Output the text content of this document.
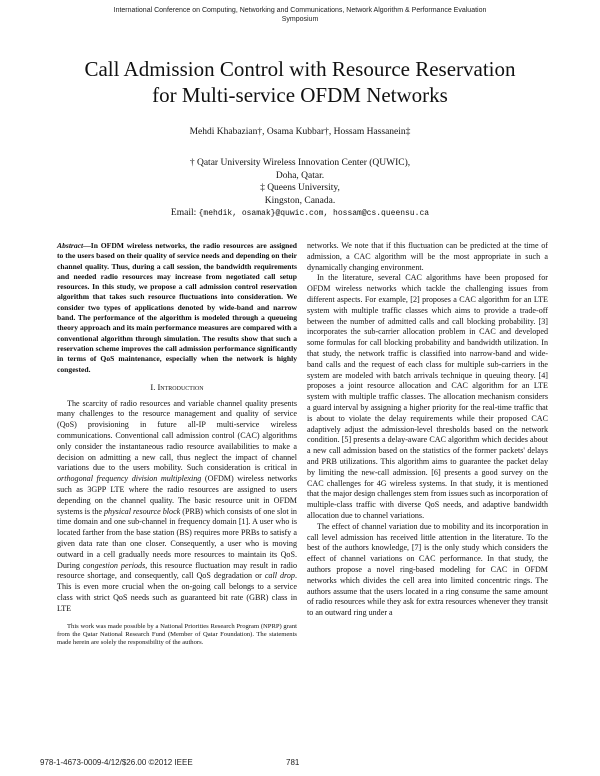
International Conference on Computing, Networking and Communications, Network Algorithm & Performance Evaluation
Symposium
Call Admission Control with Resource Reservation
for Multi-service OFDM Networks
Mehdi Khabazian†, Osama Kubbar†, Hossam Hassanein‡
† Qatar University Wireless Innovation Center (QUWIC),
Doha, Qatar.
‡ Queens University,
Kingston, Canada.
Email: {mehdik, osamak}@quwic.com, hossam@cs.queensu.ca

Abstract—In OFDM wireless networks, the radio resources are assigned to the users based on their quality of service needs and depending on their channel quality. Thus, during a call session, the bandwidth requirements and needed radio resources may increase from negotiated call setup resources. In this study, we propose a call admission control reservation algorithm that takes such resource fluctuations into consideration. We consider two types of applications denoted by wide-band and narrow band. The performance of the algorithm is modeled through a queueing theory approach and its main performance measures are compared with a conventional algorithm through simulation. The results show that such a reservation scheme improves the call admission performance significantly in terms of QoS maintenance, especially when the network is highly congested.

I. Introduction

The scarcity of radio resources and variable channel quality presents many challenges to the resource management and quality of service (QoS) provisioning in future all-IP multi-service wireless communications. Conventional call admission control (CAC) algorithms only consider the instantaneous radio resource availabilities to make a decision on admitting a new call, thus neglect the impact of channel variations due to the users mobility. Such consideration is critical in orthogonal frequency division multiplexing (OFDM) wireless networks such as 3GPP LTE where the radio resources are assigned to users depending on the channel quality. The basic resource unit in OFDM systems is the physical resource block (PRB) which consists of one slot in time domain and one sub-channel in frequency domain [1]. A user who is located farther from the base station (BS) requires more PRBs to satisfy a given data rate than one closer. Consequently, a user who is moving outward in a cell gradually needs more resources to maintain its QoS. During congestion periods, this resource fluctuation may result in radio resource shortage, and consequently, call QoS degradation or call drop. This is even more crucial when the on-going call belongs to a service class with strict QoS needs such as guaranteed bit rate (GBR) class in LTE

This work was made possible by a National Priorities Research Program (NPRP) grant from the Qatar National Research Fund (Member of Qatar Foundation). The statements made herein are solely the responsibility of the authors.

networks. We note that if this fluctuation can be predicted at the time of admission, a CAC algorithm will be the most appropriate in such a dynamically changing environment.

In the literature, several CAC algorithms have been proposed for OFDM wireless networks which tackle the challenging issues from different aspects. For example, [2] proposes a CAC algorithm for an LTE system with multiple traffic classes which aims to provide a trade-off between the number of admitted calls and call blocking probability. [3] incorporates the sub-carrier allocation problem in CAC and developed some formulas for call blocking probability and bandwidth utilization. In that study, the network traffic is classified into narrow-band and wide-band calls and the request of each class for multiple sub-carriers in the system are modeled with batch arrivals technique in queuing theory. [4] proposes a joint resource allocation and CAC algorithm for an LTE system with multiple traffic classes. The allocation mechanism considers a guard interval by assigning a higher priority for the real-time traffic that is about to violate the delay requirements while their proposed CAC adaptively adjust the admission-level thresholds based on the network condition. [5] presents a delay-aware CAC algorithm which decides about a new call admission based on the statistics of the former packets' delays and PRB utilizations. This algorithm aims to guarantee the packet delay by limiting the new-call admission. [6] presents a good survey on the CAC challenges for 4G wireless systems. In that study, it is mentioned that the major design challenges stem from issues such as incorporation of multiple-class traffic with diverse QoS needs, and adaptive bandwidth allocation due to channel variations.

The effect of channel variation due to mobility and its incorporation in call level admission has received little attention in the literature. To the best of the authors knowledge, [7] is the only study which considers the effect of channel variations on CAC performance. In that study, the authors propose a novel ring-based modeling for CAC in OFDM networks which divides the cell area into limited concentric rings. The authors assume that the users located in a ring consume the same amount of radio resources while they ask for extra resources whenever they transit to an outward ring under a

978-1-4673-0009-4/12/$26.00 ©2012 IEEE	781
